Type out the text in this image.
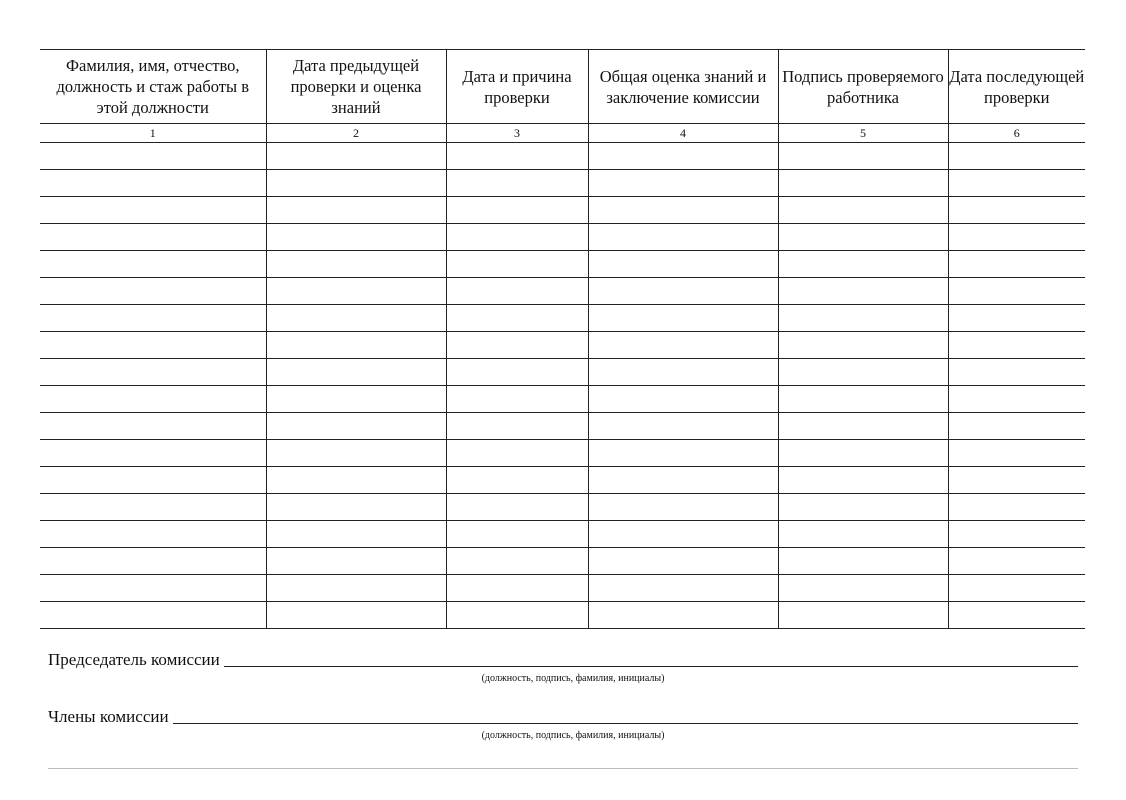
Фамилия, имя, отчество, должность и стаж работы в этой должности	Дата предыдущей проверки и оценка знаний	Дата и причина проверки	Общая оценка знаний и заключение комиссии	Подпись проверяемого работника	Дата последующей проверки
1	2	3	4	5	6

Председатель комиссии
(должность, подпись, фамилия, инициалы)
Члены комиссии
(должность, подпись, фамилия, инициалы)
